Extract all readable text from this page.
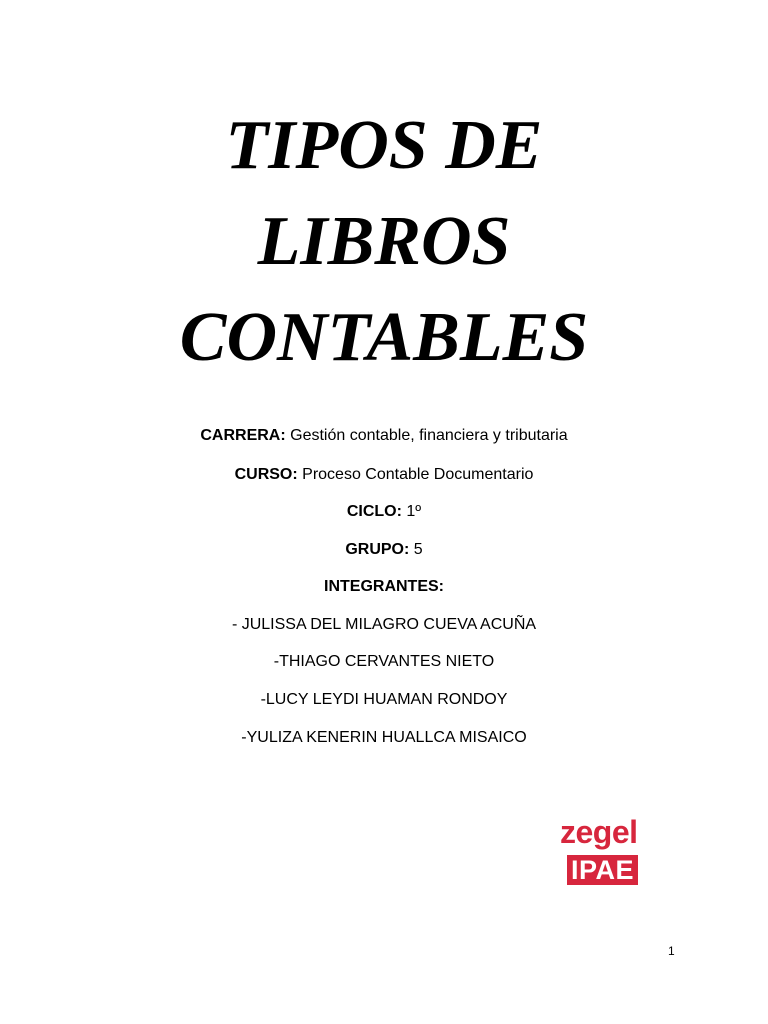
TIPOS DE
LIBROS
CONTABLES
CARRERA: Gestión contable, financiera y tributaria
CURSO: Proceso Contable Documentario
CICLO: 1º
GRUPO: 5
INTEGRANTES:
- JULISSA DEL MILAGRO CUEVA ACUÑA
-THIAGO CERVANTES NIETO
-LUCY LEYDI HUAMAN RONDOY
-YULIZA KENERIN HUALLCA MISAICO
zegel
IPAE
1
